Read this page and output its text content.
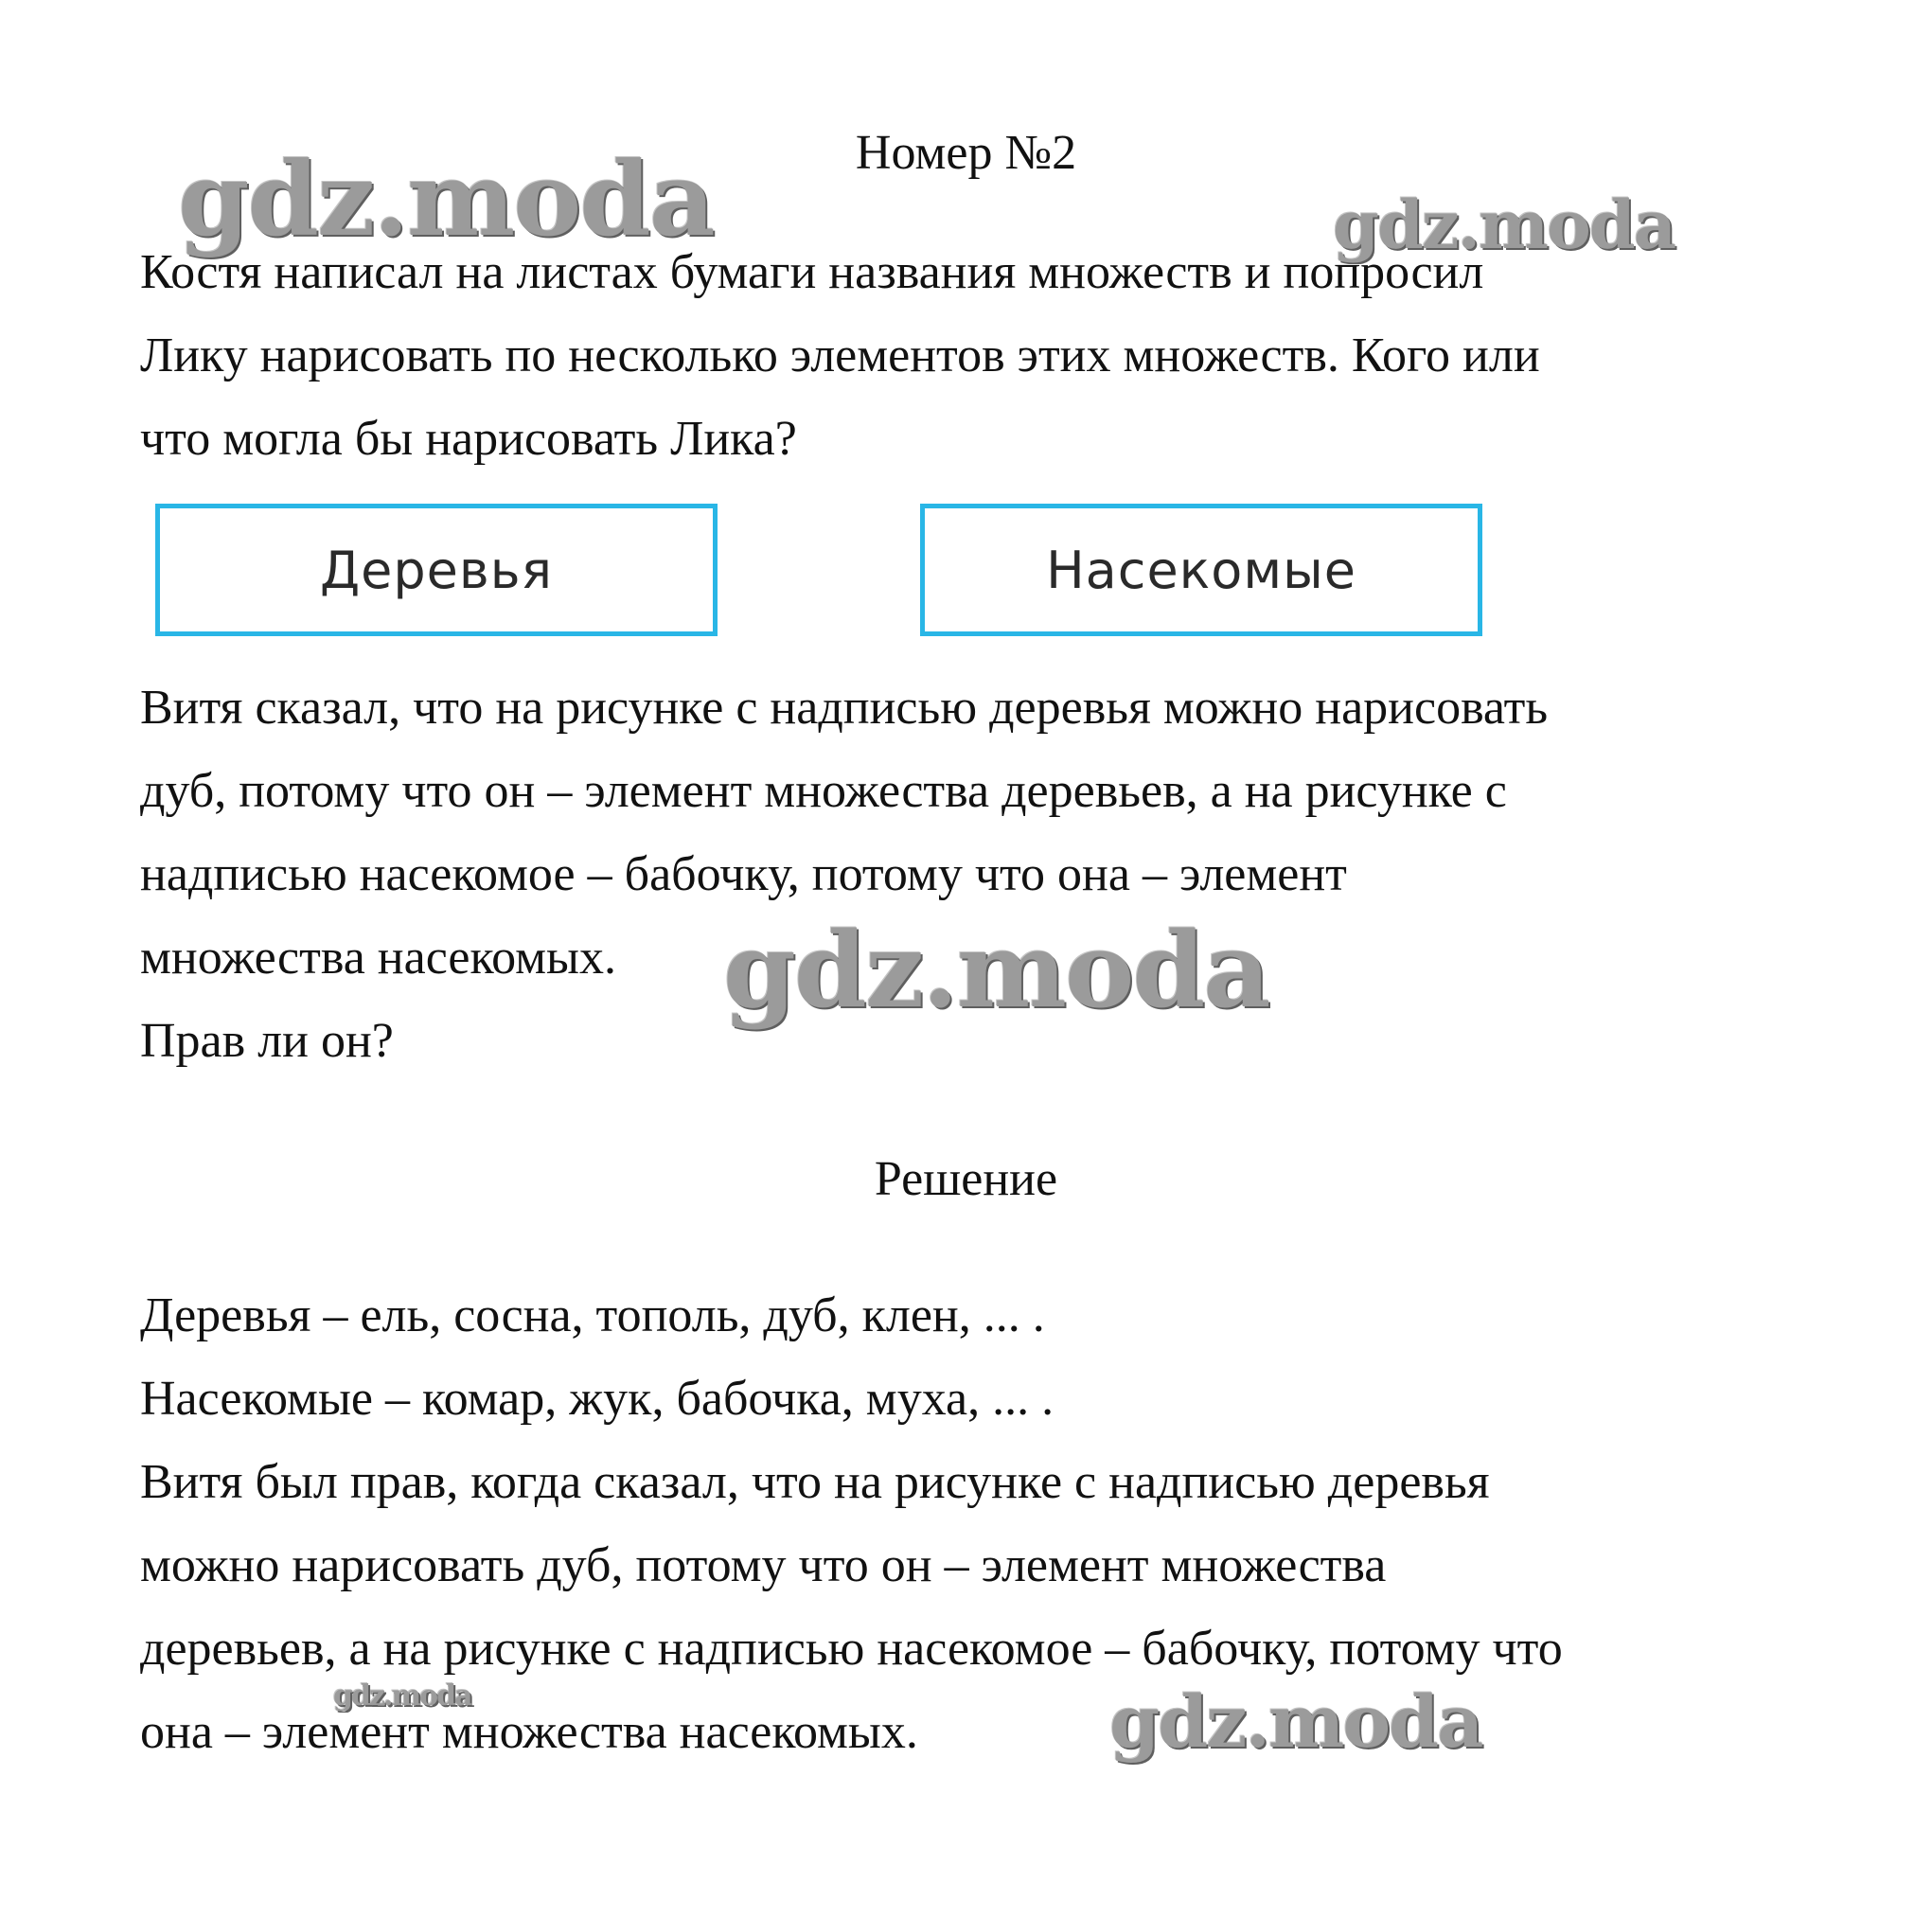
Номер №2

Костя написал на листах бумаги названия множеств и попросил

Лику нарисовать по несколько элементов этих множеств. Кого или

что могла бы нарисовать Лика?

Деревья	Насекомые

Витя сказал, что на рисунке с надписью деревья можно нарисовать

дуб, потому что он – элемент множества деревьев, а на рисунке с

надписью насекомое – бабочку, потому что она – элемент

множества насекомых.

Прав ли он?

Решение

Деревья – ель, сосна, тополь, дуб, клен, ... .

Насекомые – комар, жук, бабочка, муха, ... .

Витя был прав, когда сказал, что на рисунке с надписью деревья

можно нарисовать дуб, потому что он – элемент множества

деревьев, а на рисунке с надписью насекомое – бабочку, потому что

она – элемент множества насекомых.

gdz.moda	gdz.moda
gdz.moda
gdz.moda	gdz.moda
